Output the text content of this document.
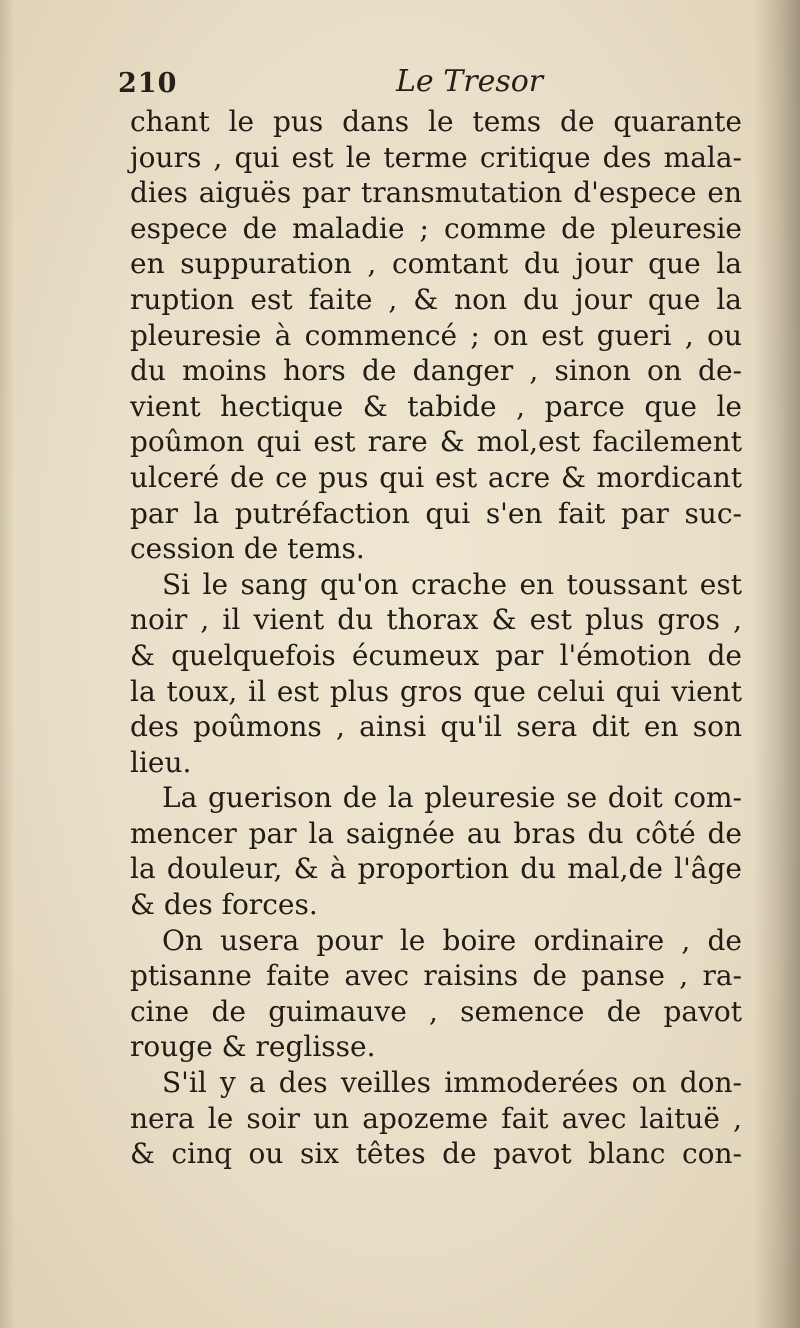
210	Le Tresor
chant le pus dans le tems de quarante
jours , qui est le terme critique des mala-
dies aiguës par transmutation d'espece en
espece de maladie ; comme de pleuresie
en suppuration , comtant du jour que la
ruption est faite , & non du jour que la
pleuresie à commencé ; on est gueri , ou
du moins hors de danger , sinon on de-
vient hectique & tabide , parce que le
poûmon qui est rare & mol,est facilement
ulceré de ce pus qui est acre & mordicant
par la putréfaction qui s'en fait par suc-
cession de tems.
Si le sang qu'on crache en toussant est
noir , il vient du thorax & est plus gros ,
& quelquefois écumeux par l'émotion de
la toux, il est plus gros que celui qui vient
des poûmons , ainsi qu'il sera dit en son
lieu.
La guerison de la pleuresie se doit com-
mencer par la saignée au bras du côté de
la douleur, & à proportion du mal,de l'âge
& des forces.
On usera pour le boire ordinaire , de
ptisanne faite avec raisins de panse , ra-
cine de guimauve , semence de pavot
rouge & reglisse.
S'il y a des veilles immoderées on don-
nera le soir un apozeme fait avec laituë ,
& cinq ou six têtes de pavot blanc con-
